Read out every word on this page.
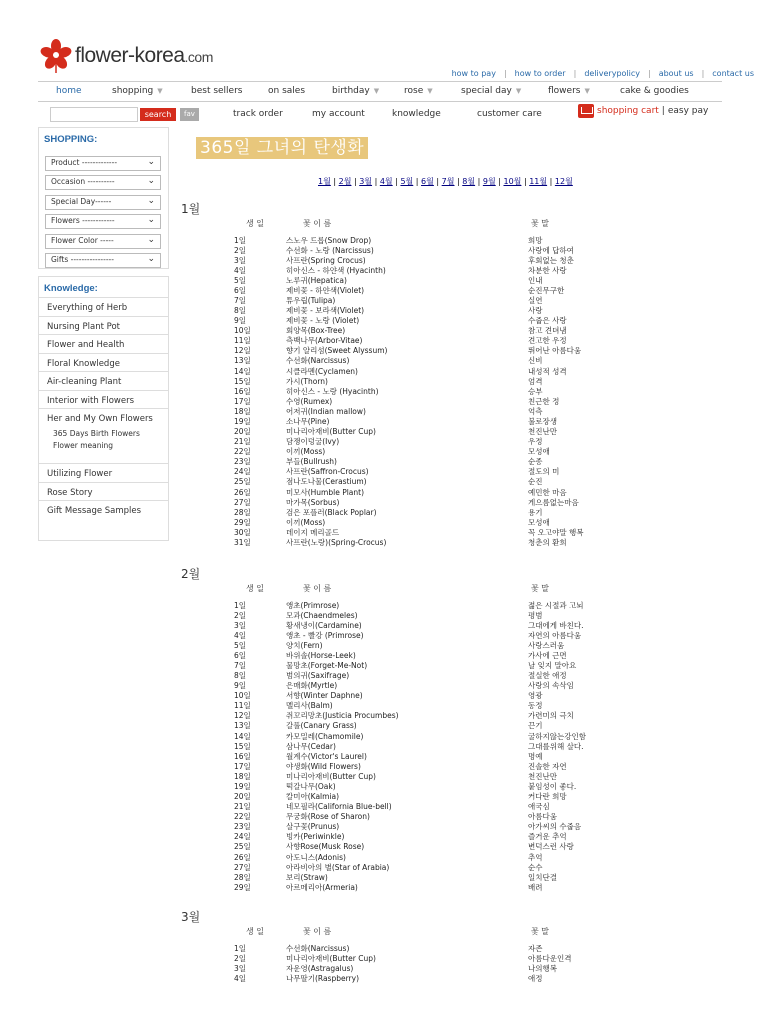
flower-korea.com
how to pay | how to order | deliverypolicy | about us | contact us
home	shopping ▼	best sellers	on sales	birthday ▼	rose ▼	special day ▼	flowers ▼	cake & goodies
search	fav	track order	my account	knowledge	customer care	shopping cart | easy pay
SHOPPING:
Product -------------	⌄
Occasion ----------	⌄
Special Day------	⌄
Flowers ------------	⌄
Flower Color -----	⌄
Gifts ----------------	⌄
Knowledge:
Everything of Herb
Nursing Plant Pot
Flower and Health
Floral Knowledge
Air-cleaning Plant
Interior with Flowers
Her and My Own Flowers
365 Days Birth Flowers
Flower meaning
Utilizing Flower
Rose Story
Gift Message Samples
365일 그녀의 탄생화
1월 | 2월 | 3월 | 4월 | 5월 | 6월 | 7월 | 8월 | 9월 | 10월 | 11월 | 12월
1월
생 일	꽃 이 름	꽃 말
1일	스노우 드롭(Snow Drop)	희망
2일	수선화 - 노랑 (Narcissus)	사랑에 답하여
3일	사프란(Spring Crocus)	후회없는 청춘
4일	히아신스 - 하얀색 (Hyacinth)	차분한 사랑
5일	노루귀(Hepatica)	인내
6일	제비꽃 - 하얀색(Violet)	순진무구한
7일	튜우립(Tulipa)	실연
8일	제비꽃 - 보라색(Violet)	사랑
9일	제비꽃 - 노랑 (Violet)	수줍은 사랑
10일	회양목(Box-Tree)	참고 견뎌냄
11일	측백나무(Arbor-Vitae)	견고한 우정
12일	향기 알리섬(Sweet Alyssum)	뛰어난 아름다움
13일	수선화(Narcissus)	신비
14일	시클라멘(Cyclamen)	내성적 성격
15일	가시(Thorn)	엄격
16일	히아신스 - 노랑 (Hyacinth)	승부
17일	수영(Rumex)	친근한 정
18일	어저귀(Indian mallow)	억측
19일	소나무(Pine)	불로장생
20일	미나리아재비(Butter Cup)	천진난만
21일	담쟁이덩굴(Ivy)	우정
22일	이끼(Moss)	모성애
23일	부들(Bullrush)	순종
24일	사프란(Saffron-Crocus)	절도의 미
25일	점나도나물(Cerastium)	순진
26일	미모사(Humble Plant)	예민한 마음
27일	마가목(Sorbus)	게으름없는마음
28일	검은 포플러(Black Poplar)	용기
29일	이끼(Moss)	모성애
30일	데이지 메리골드	꼭 오고야말 행복
31일	사프란(노랑)(Spring-Crocus)	청춘의 환희
2월
생 일	꽃 이 름	꽃 말
1일	앵초(Primrose)	젊은 시절과 고뇌
2일	모과(Chaendmeles)	평범
3일	황새냉이(Cardamine)	그대에게 바친다.
4일	앵초 - 빨강 (Primrose)	자연의 아름다움
5일	양치(Fern)	사랑스러움
6일	바위솔(Horse-Leek)	가사에 근면
7일	물망초(Forget-Me-Not)	날 잊지 말아요
8일	범의귀(Saxifrage)	절실한 애정
9일	은매화(Myrtle)	사랑의 속삭임
10일	서향(Winter Daphne)	영광
11일	멜리사(Balm)	동정
12일	쥐꼬리망초(Justicia Procumbes)	가련미의 극치
13일	갈풀(Canary Grass)	끈기
14일	카모밀레(Chamomile)	굴하지않는강인함
15일	삼나무(Cedar)	그대를위해 살다.
16일	월계수(Victor's Laurel)	명예
17일	야생화(Wild Flowers)	진솔한 자연
18일	미나리아재비(Butter Cup)	천진난만
19일	떡갈나무(Oak)	붙임성이 좋다.
20일	칼미아(Kalmia)	커다란 희망
21일	네모필라(California Blue-bell)	애국심
22일	무궁화(Rose of Sharon)	아름다움
23일	살구꽃(Prunus)	아가씨의 수줍음
24일	빙카(Periwinkle)	즐거운 추억
25일	사향Rose(Musk Rose)	변덕스런 사랑
26일	아도니스(Adonis)	추억
27일	아라비아의 별(Star of Arabia)	순수
28일	보리(Straw)	일치단결
29일	아르메리아(Armeria)	배려
3월
생 일	꽃 이 름	꽃 말
1일	수선화(Narcissus)	자존
2일	미나리아재비(Butter Cup)	아름다운인격
3일	자운영(Astragalus)	나의행복
4일	나무딸기(Raspberry)	애정
